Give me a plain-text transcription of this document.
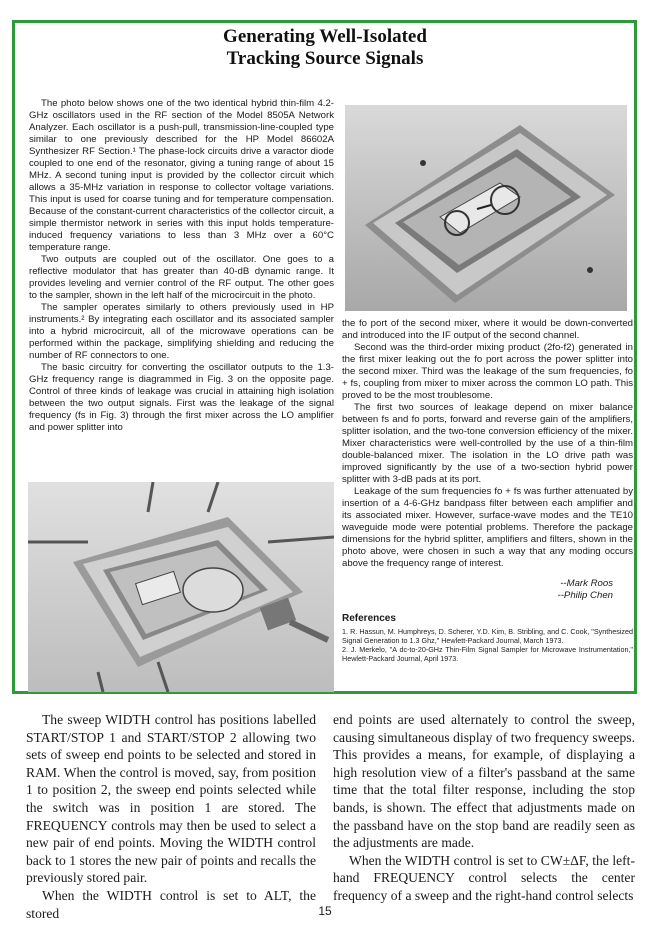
Generating Well-Isolated
Tracking Source Signals

The photo below shows one of the two identical hybrid thin-film 4.2-GHz oscillators used in the RF section of the Model 8505A Network Analyzer. Each oscillator is a push-pull, transmission-line-coupled type similar to one previously described for the HP Model 86602A Synthesizer RF Section.¹ The phase-lock circuits drive a varactor diode coupled to one end of the resonator, giving a tuning range of about 15 MHz. A second tuning input is provided by the collector circuit which allows a 35-MHz variation in response to collector voltage variations. This input is used for coarse tuning and for temperature compensation. Because of the constant-current characteristics of the collector circuit, a simple thermistor network in series with this input holds temperature-induced frequency variations to less than 3 MHz over a 60°C temperature range.

Two outputs are coupled out of the oscillator. One goes to a reflective modulator that has greater than 40-dB dynamic range. It provides leveling and vernier control of the RF output. The other goes to the sampler, shown in the left half of the microcircuit in the photo.

The sampler operates similarly to others previously used in HP instruments.² By integrating each oscillator and its associated sampler into a hybrid microcircuit, all of the microwave operations can be performed within the package, simplifying shielding and reducing the number of RF connectors to one.

The basic circuitry for converting the oscillator outputs to the 1.3-GHz frequency range is diagrammed in Fig. 3 on the opposite page. Control of three kinds of leakage was crucial in attaining high isolation between the two output signals. First was the leakage of the signal frequency (fs in Fig. 3) through the first mixer across the LO amplifier and power splitter into

the fo port of the second mixer, where it would be down-converted and introduced into the IF output of the second channel.

Second was the third-order mixing product (2fo-f2) generated in the first mixer leaking out the fo port across the power splitter into the second mixer. Third was the leakage of the sum frequencies, fo + fs, coupling from mixer to mixer across the common LO path. This proved to be the most troublesome.

The first two sources of leakage depend on mixer balance between fs and fo ports, forward and reverse gain of the amplifiers, splitter isolation, and the two-tone conversion efficiency of the mixer. Mixer characteristics were well-controlled by the use of a thin-film double-balanced mixer. The isolation in the LO drive path was improved significantly by the use of a two-section hybrid power splitter with 3-dB pads at its port.

Leakage of the sum frequencies fo + fs was further attenuated by insertion of a 4-6-GHz bandpass filter between each amplifier and its associated mixer. However, surface-wave modes and the TE10 waveguide mode were potential problems. Therefore the package dimensions for the hybrid splitter, amplifiers and filters, shown in the photo above, were chosen in such a way that any moding occurs above the frequency range of interest.

--Mark Roos
--Philip Chen
References
1. R. Hassun, M. Humphreys, D. Scherer, Y.D. Kim, B. Stribling, and C. Cook, "Synthesized Signal Generation to 1.3 Ghz," Hewlett-Packard Journal, March 1973.
2. J. Merkelo, "A dc-to-20-GHz Thin-Film Signal Sampler for Microwave Instrumentation," Hewlett-Packard Journal, April 1973.

The sweep WIDTH control has positions labelled START/STOP 1 and START/STOP 2 allowing two sets of sweep end points to be selected and stored in RAM. When the control is moved, say, from position 1 to position 2, the sweep end points selected while the switch was in position 1 are stored. The FREQUENCY controls may then be used to select a new pair of end points. Moving the WIDTH control back to 1 stores the new pair of points and recalls the previously stored pair.

When the WIDTH control is set to ALT, the stored

end points are used alternately to control the sweep, causing simultaneous display of two frequency sweeps. This provides a means, for example, of displaying a high resolution view of a filter's passband at the same time that the total filter response, including the stop bands, is shown. The effect that adjustments made on the passband have on the stop band are readily seen as the adjustments are made.

When the WIDTH control is set to CW±ΔF, the left-hand FREQUENCY control selects the center frequency of a sweep and the right-hand control selects

15
